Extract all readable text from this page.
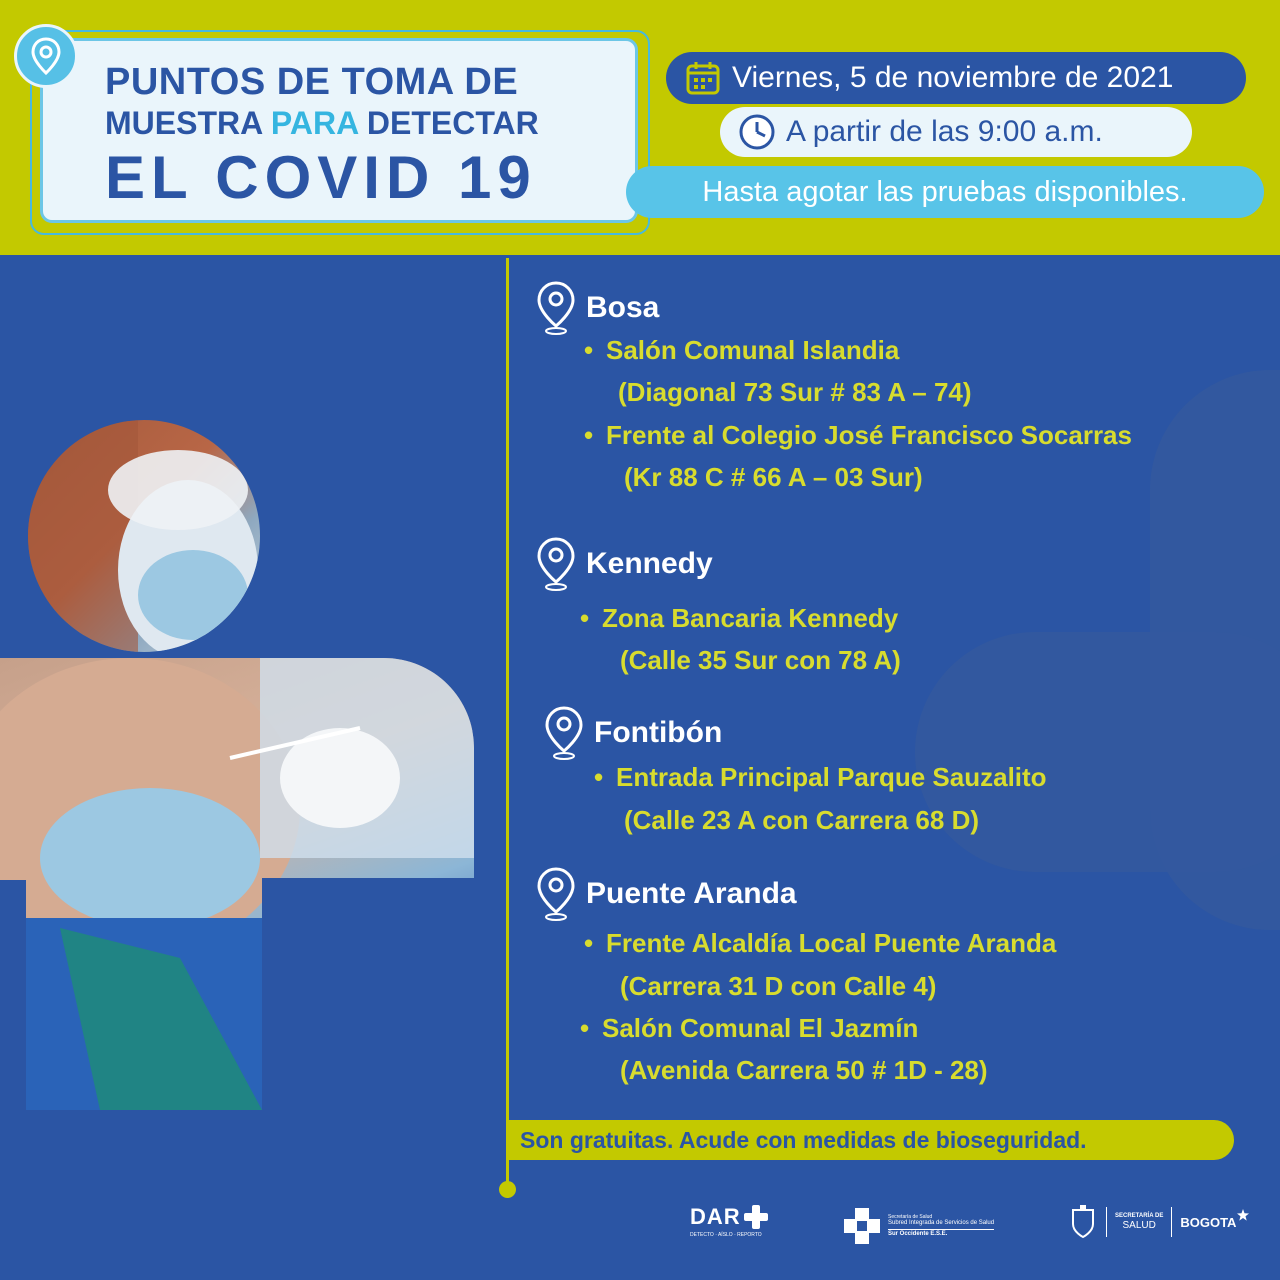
PUNTOS DE TOMA DE
MUESTRA PARA DETECTAR
EL COVID 19
Viernes, 5 de noviembre de 2021
A partir de las 9:00 a.m.
Hasta agotar las pruebas disponibles.
Bosa
• Salón Comunal Islandia
(Diagonal 73 Sur # 83 A – 74)
• Frente al Colegio José Francisco Socarras
(Kr 88 C # 66 A – 03 Sur)
Kennedy
• Zona Bancaria Kennedy
(Calle 35 Sur con 78 A)
Fontibón
• Entrada Principal Parque Sauzalito
(Calle 23 A con Carrera 68 D)
Puente Aranda
• Frente Alcaldía Local Puente Aranda
(Carrera 31 D con Calle 4)
• Salón Comunal El Jazmín
(Avenida Carrera 50 # 1D - 28)
Son gratuitas. Acude con medidas de bioseguridad.
DAR
DETECTO · AÍSLO · REPORTO
Secretaría de Salud
Subred Integrada de Servicios de Salud
Sur Occidente E.S.E.
SECRETARÍA DE
SALUD	BOGOTA
